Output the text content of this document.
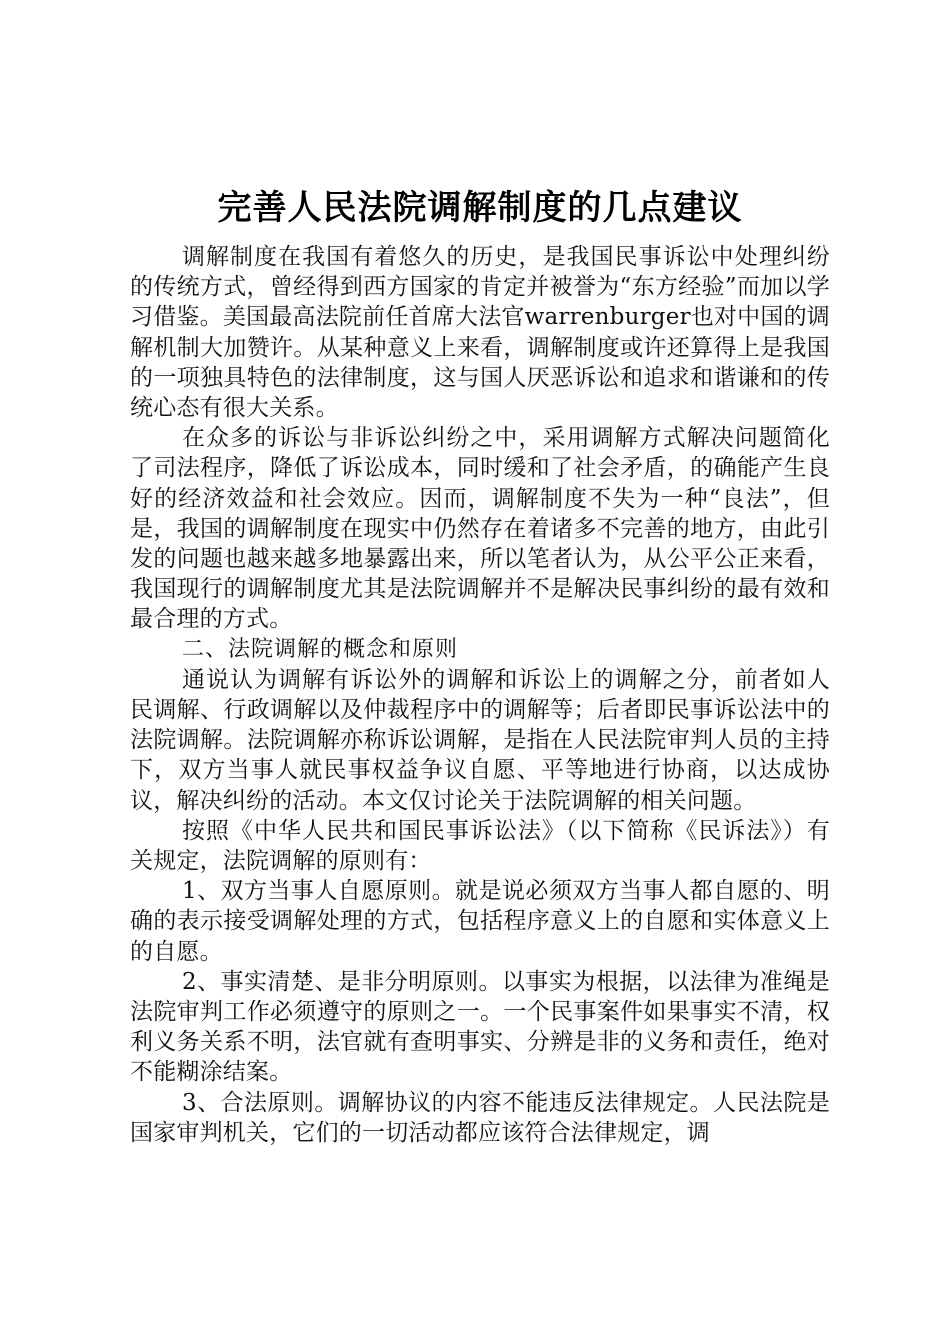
完善人民法院调解制度的几点建议

调解制度在我国有着悠久的历史，是我国民事诉讼中处理纠纷的传统方式，曾经得到西方国家的肯定并被誉为“东方经验”而加以学习借鉴。美国最高法院前任首席大法官warrenburger也对中国的调解机制大加赞许。从某种意义上来看，调解制度或许还算得上是我国的一项独具特色的法律制度，这与国人厌恶诉讼和追求和谐谦和的传统心态有很大关系。

在众多的诉讼与非诉讼纠纷之中，采用调解方式解决问题简化了司法程序，降低了诉讼成本，同时缓和了社会矛盾，的确能产生良好的经济效益和社会效应。因而，调解制度不失为一种“良法”，但是，我国的调解制度在现实中仍然存在着诸多不完善的地方，由此引发的问题也越来越多地暴露出来，所以笔者认为，从公平公正来看，我国现行的调解制度尤其是法院调解并不是解决民事纠纷的最有效和最合理的方式。

二、法院调解的概念和原则

通说认为调解有诉讼外的调解和诉讼上的调解之分，前者如人民调解、行政调解以及仲裁程序中的调解等；后者即民事诉讼法中的法院调解。法院调解亦称诉讼调解，是指在人民法院审判人员的主持下，双方当事人就民事权益争议自愿、平等地进行协商，以达成协议，解决纠纷的活动。本文仅讨论关于法院调解的相关问题。

按照《中华人民共和国民事诉讼法》（以下简称《民诉法》）有关规定，法院调解的原则有：

1、双方当事人自愿原则。就是说必须双方当事人都自愿的、明确的表示接受调解处理的方式，包括程序意义上的自愿和实体意义上的自愿。

2、事实清楚、是非分明原则。以事实为根据，以法律为准绳是法院审判工作必须遵守的原则之一。一个民事案件如果事实不清，权利义务关系不明，法官就有查明事实、分辨是非的义务和责任，绝对不能糊涂结案。

3、合法原则。调解协议的内容不能违反法律规定。人民法院是国家审判机关，它们的一切活动都应该符合法律规定，调
